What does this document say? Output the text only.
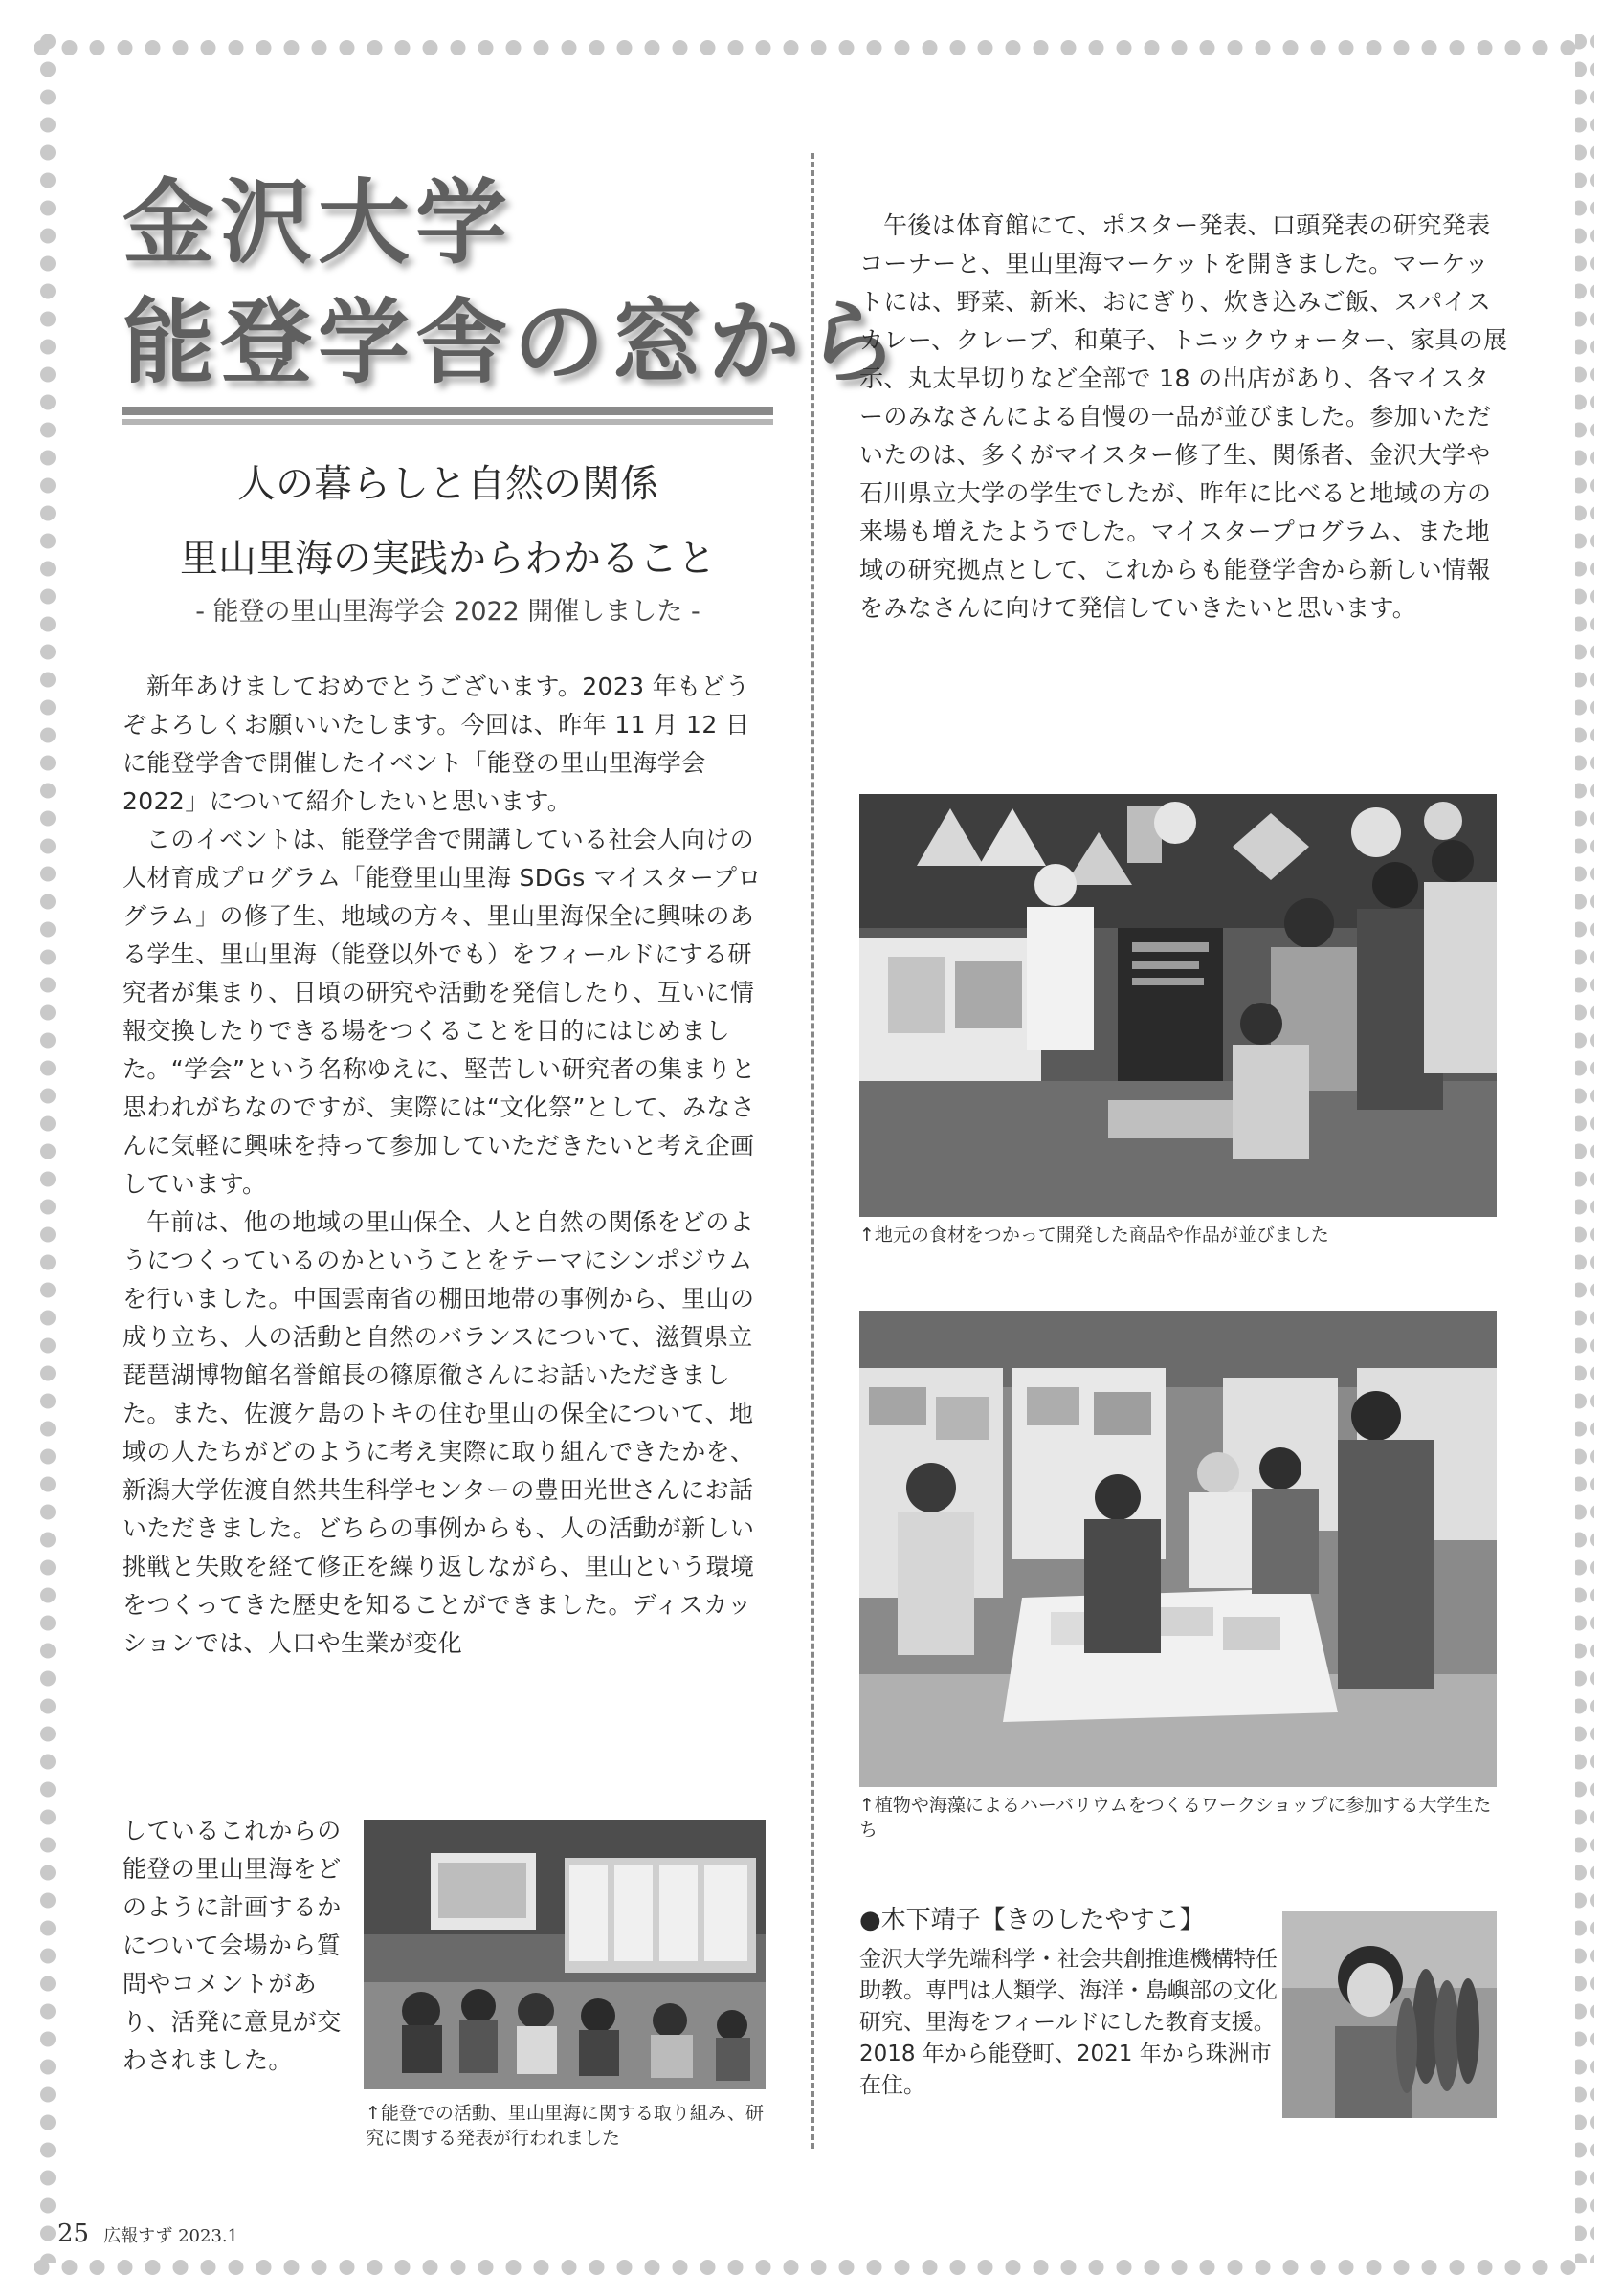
金沢大学
能登学舎の窓から
人の暮らしと自然の関係
里山里海の実践からわかること
- 能登の里山里海学会 2022 開催しました -

新年あけましておめでとうございます。2023 年もどうぞよろしくお願いいたします。今回は、昨年 11 月 12 日に能登学舎で開催したイベント「能登の里山里海学会 2022」について紹介したいと思います。

このイベントは、能登学舎で開講している社会人向けの人材育成プログラム「能登里山里海 SDGs マイスタープログラム」の修了生、地域の方々、里山里海保全に興味のある学生、里山里海（能登以外でも）をフィールドにする研究者が集まり、日頃の研究や活動を発信したり、互いに情報交換したりできる場をつくることを目的にはじめました。“学会”という名称ゆえに、堅苦しい研究者の集まりと思われがちなのですが、実際には“文化祭”として、みなさんに気軽に興味を持って参加していただきたいと考え企画しています。

午前は、他の地域の里山保全、人と自然の関係をどのようにつくっているのかということをテーマにシンポジウムを行いました。中国雲南省の棚田地帯の事例から、里山の成り立ち、人の活動と自然のバランスについて、滋賀県立琵琶湖博物館名誉館長の篠原徹さんにお話いただきました。また、佐渡ケ島のトキの住む里山の保全について、地域の人たちがどのように考え実際に取り組んできたかを、新潟大学佐渡自然共生科学センターの豊田光世さんにお話いただきました。どちらの事例からも、人の活動が新しい挑戦と失敗を経て修正を繰り返しながら、里山という環境をつくってきた歴史を知ることができました。ディスカッションでは、人口や生業が変化

しているこれからの能登の里山里海をどのように計画するかについて会場から質問やコメントがあり、活発に意見が交わされました。

↑能登での活動、里山里海に関する取り組み、研究に関する発表が行われました

午後は体育館にて、ポスター発表、口頭発表の研究発表コーナーと、里山里海マーケットを開きました。マーケットには、野菜、新米、おにぎり、炊き込みご飯、スパイスカレー、クレープ、和菓子、トニックウォーター、家具の展示、丸太早切りなど全部で 18 の出店があり、各マイスターのみなさんによる自慢の一品が並びました。参加いただいたのは、多くがマイスター修了生、関係者、金沢大学や石川県立大学の学生でしたが、昨年に比べると地域の方の来場も増えたようでした。マイスタープログラム、また地域の研究拠点として、これからも能登学舎から新しい情報をみなさんに向けて発信していきたいと思います。

↑地元の食材をつかって開発した商品や作品が並びました
↑植物や海藻によるハーバリウムをつくるワークショップに参加する大学生たち
●木下靖子【きのしたやすこ】
金沢大学先端科学・社会共創推進機構特任助教。専門は人類学、海洋・島嶼部の文化研究、里海をフィールドにした教育支援。2018 年から能登町、2021 年から珠洲市在住。
25 広報すず 2023.1
